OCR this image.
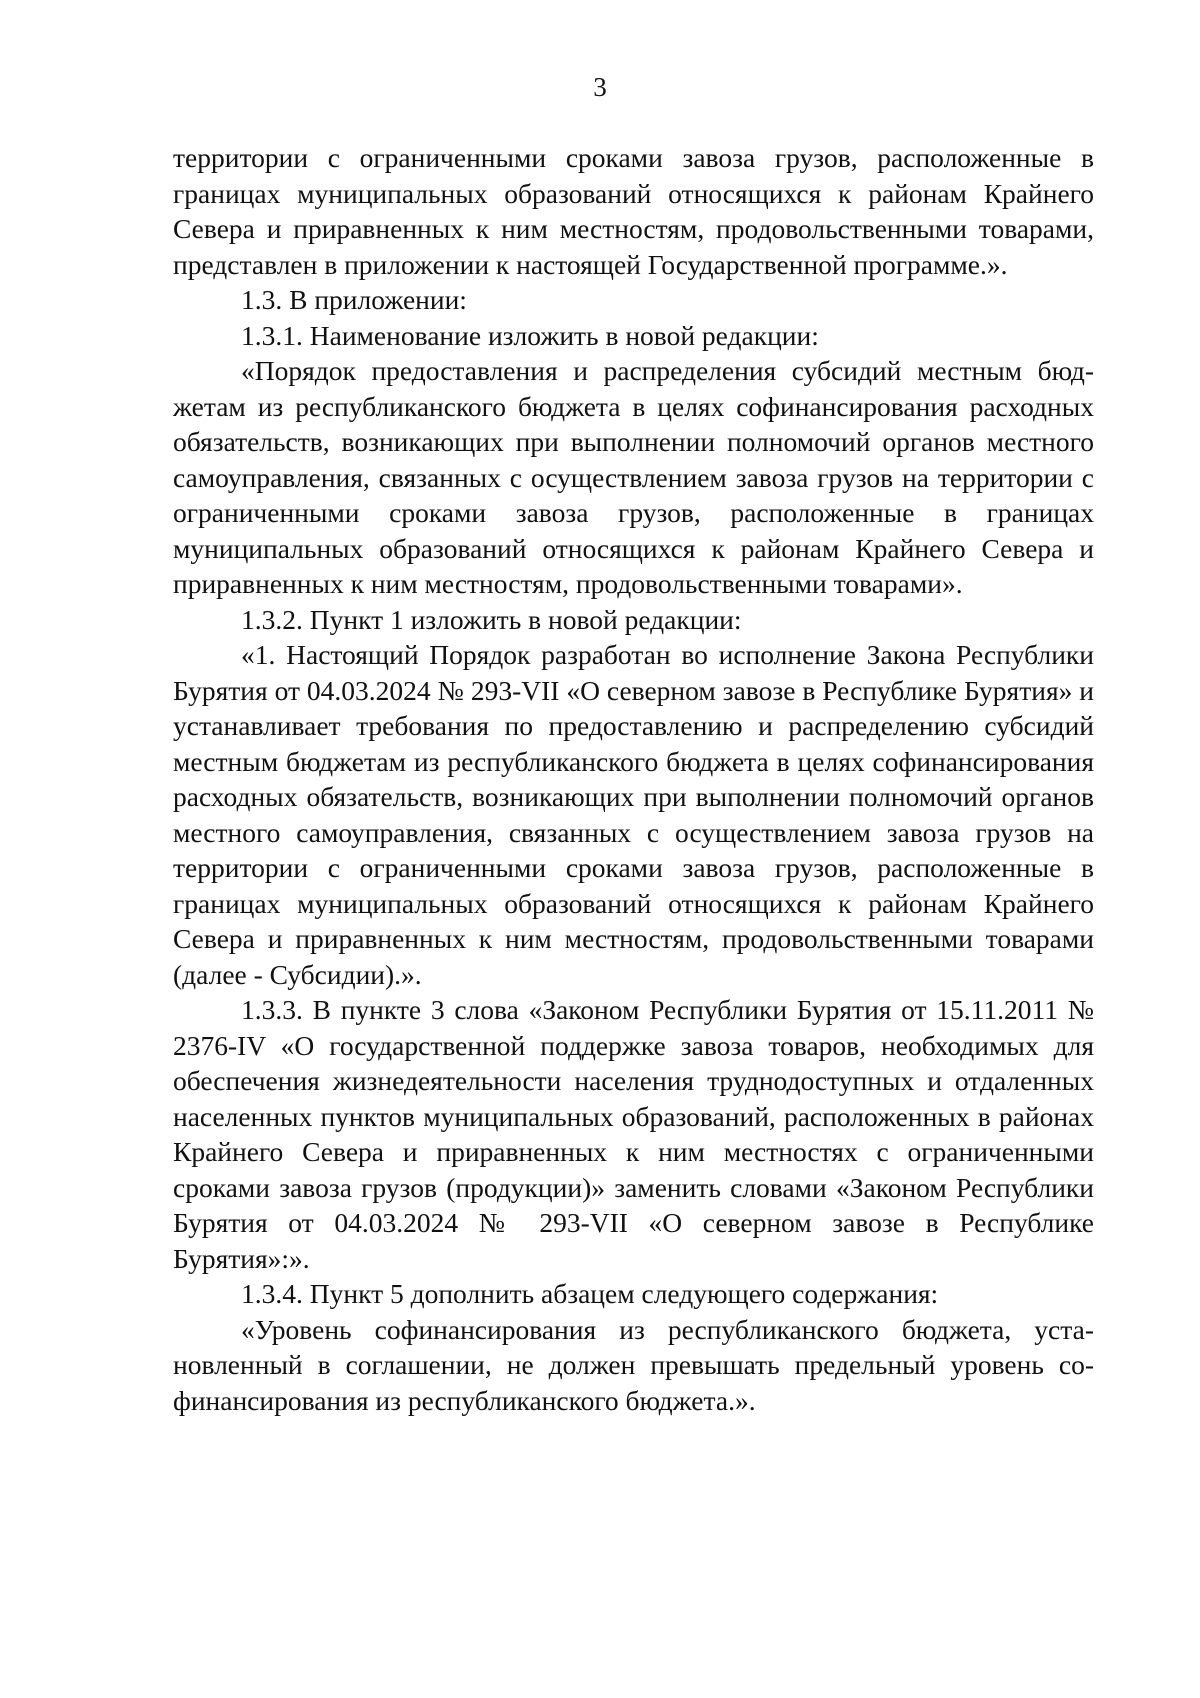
3

территории с ограниченными сроками завоза грузов, расположенные в границах муниципальных образований относящихся к районам Крайнего Севера и приравненных к ним местностям, продовольственными товарами, представлен в приложении к настоящей Государственной программе.».

1.3. В приложении:

1.3.1. Наименование изложить в новой редакции:

«Порядок предоставления и распределения субсидий местным бюджетам из республиканского бюджета в целях софинансирования расходных обязательств, возникающих при выполнении полномочий органов местного самоуправления, связанных с осуществлением завоза грузов на территории с ограниченными сроками завоза грузов, расположенные в границах муниципальных образований относящихся к районам Крайнего Севера и приравненных к ним местностям, продовольственными товарами».

1.3.2. Пункт 1 изложить в новой редакции:

«1. Настоящий Порядок разработан во исполнение Закона Республики Бурятия от 04.03.2024 № 293-VII «О северном завозе в Республике Бурятия» и устанавливает требования по предоставлению и распределению субсидий местным бюджетам из республиканского бюджета в целях софинансирования расходных обязательств, возникающих при выполнении полномочий органов местного самоуправления, связанных с осуществлением завоза грузов на территории с ограниченными сроками завоза грузов, расположенные в границах муниципальных образований относящихся к районам Крайнего Севера и приравненных к ним местностям, продовольственными товарами (далее - Субсидии).».

1.3.3. В пункте 3 слова «Законом Республики Бурятия от 15.11.2011 № 2376-IV «О государственной поддержке завоза товаров, необходимых для обеспечения жизнедеятельности населения труднодоступных и отдаленных населенных пунктов муниципальных образований, расположенных в районах Крайнего Севера и приравненных к ним местностях с ограниченными сроками завоза грузов (продукции)» заменить словами «Законом Республики Бурятия от 04.03.2024 № 293-VII «О северном завозе в Республике Бурятия»:».

1.3.4. Пункт 5 дополнить абзацем следующего содержания:

«Уровень софинансирования из республиканского бюджета, установленный в соглашении, не должен превышать предельный уровень софинансирования из республиканского бюджета.».
